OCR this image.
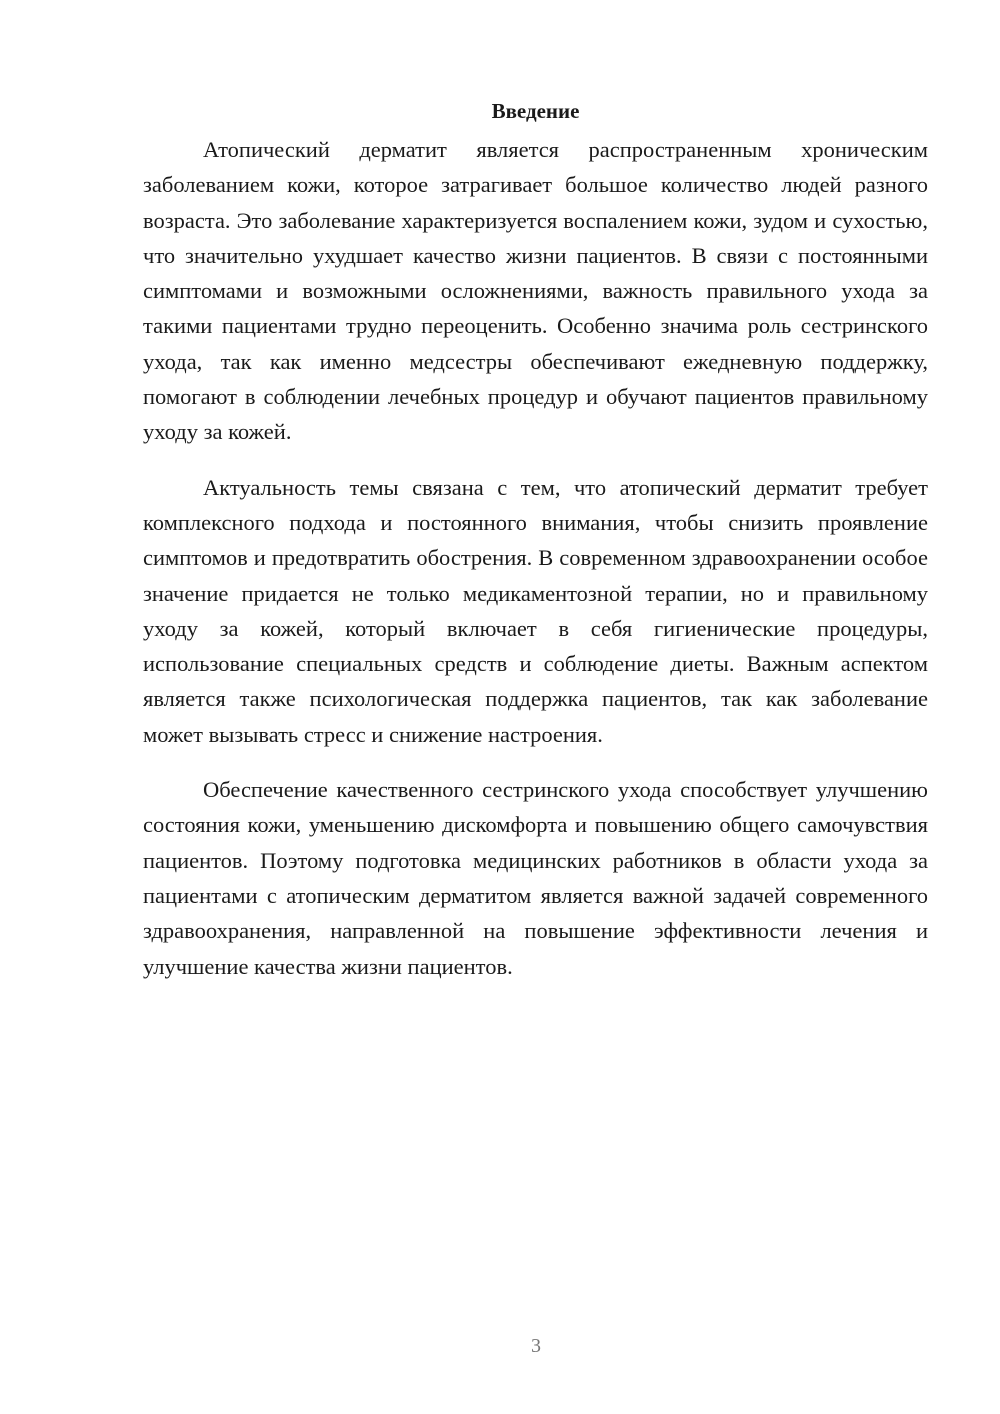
Введение

Атопический дерматит является распространенным хроническим заболеванием кожи, которое затрагивает большое количество людей разного возраста. Это заболевание характеризуется воспалением кожи, зудом и сухостью, что значительно ухудшает качество жизни пациентов. В связи с постоянными симптомами и возможными осложнениями, важность правильного ухода за такими пациентами трудно переоценить. Особенно значима роль сестринского ухода, так как именно медсестры обеспечивают ежедневную поддержку, помогают в соблюдении лечебных процедур и обучают пациентов правильному уходу за кожей.

Актуальность темы связана с тем, что атопический дерматит требует комплексного подхода и постоянного внимания, чтобы снизить проявление симптомов и предотвратить обострения. В современном здравоохранении особое значение придается не только медикаментозной терапии, но и правильному уходу за кожей, который включает в себя гигиенические процедуры, использование специальных средств и соблюдение диеты. Важным аспектом является также психологическая поддержка пациентов, так как заболевание может вызывать стресс и снижение настроения.

Обеспечение качественного сестринского ухода способствует улучшению состояния кожи, уменьшению дискомфорта и повышению общего самочувствия пациентов. Поэтому подготовка медицинских работников в области ухода за пациентами с атопическим дерматитом является важной задачей современного здравоохранения, направленной на повышение эффективности лечения и улучшение качества жизни пациентов.

3
